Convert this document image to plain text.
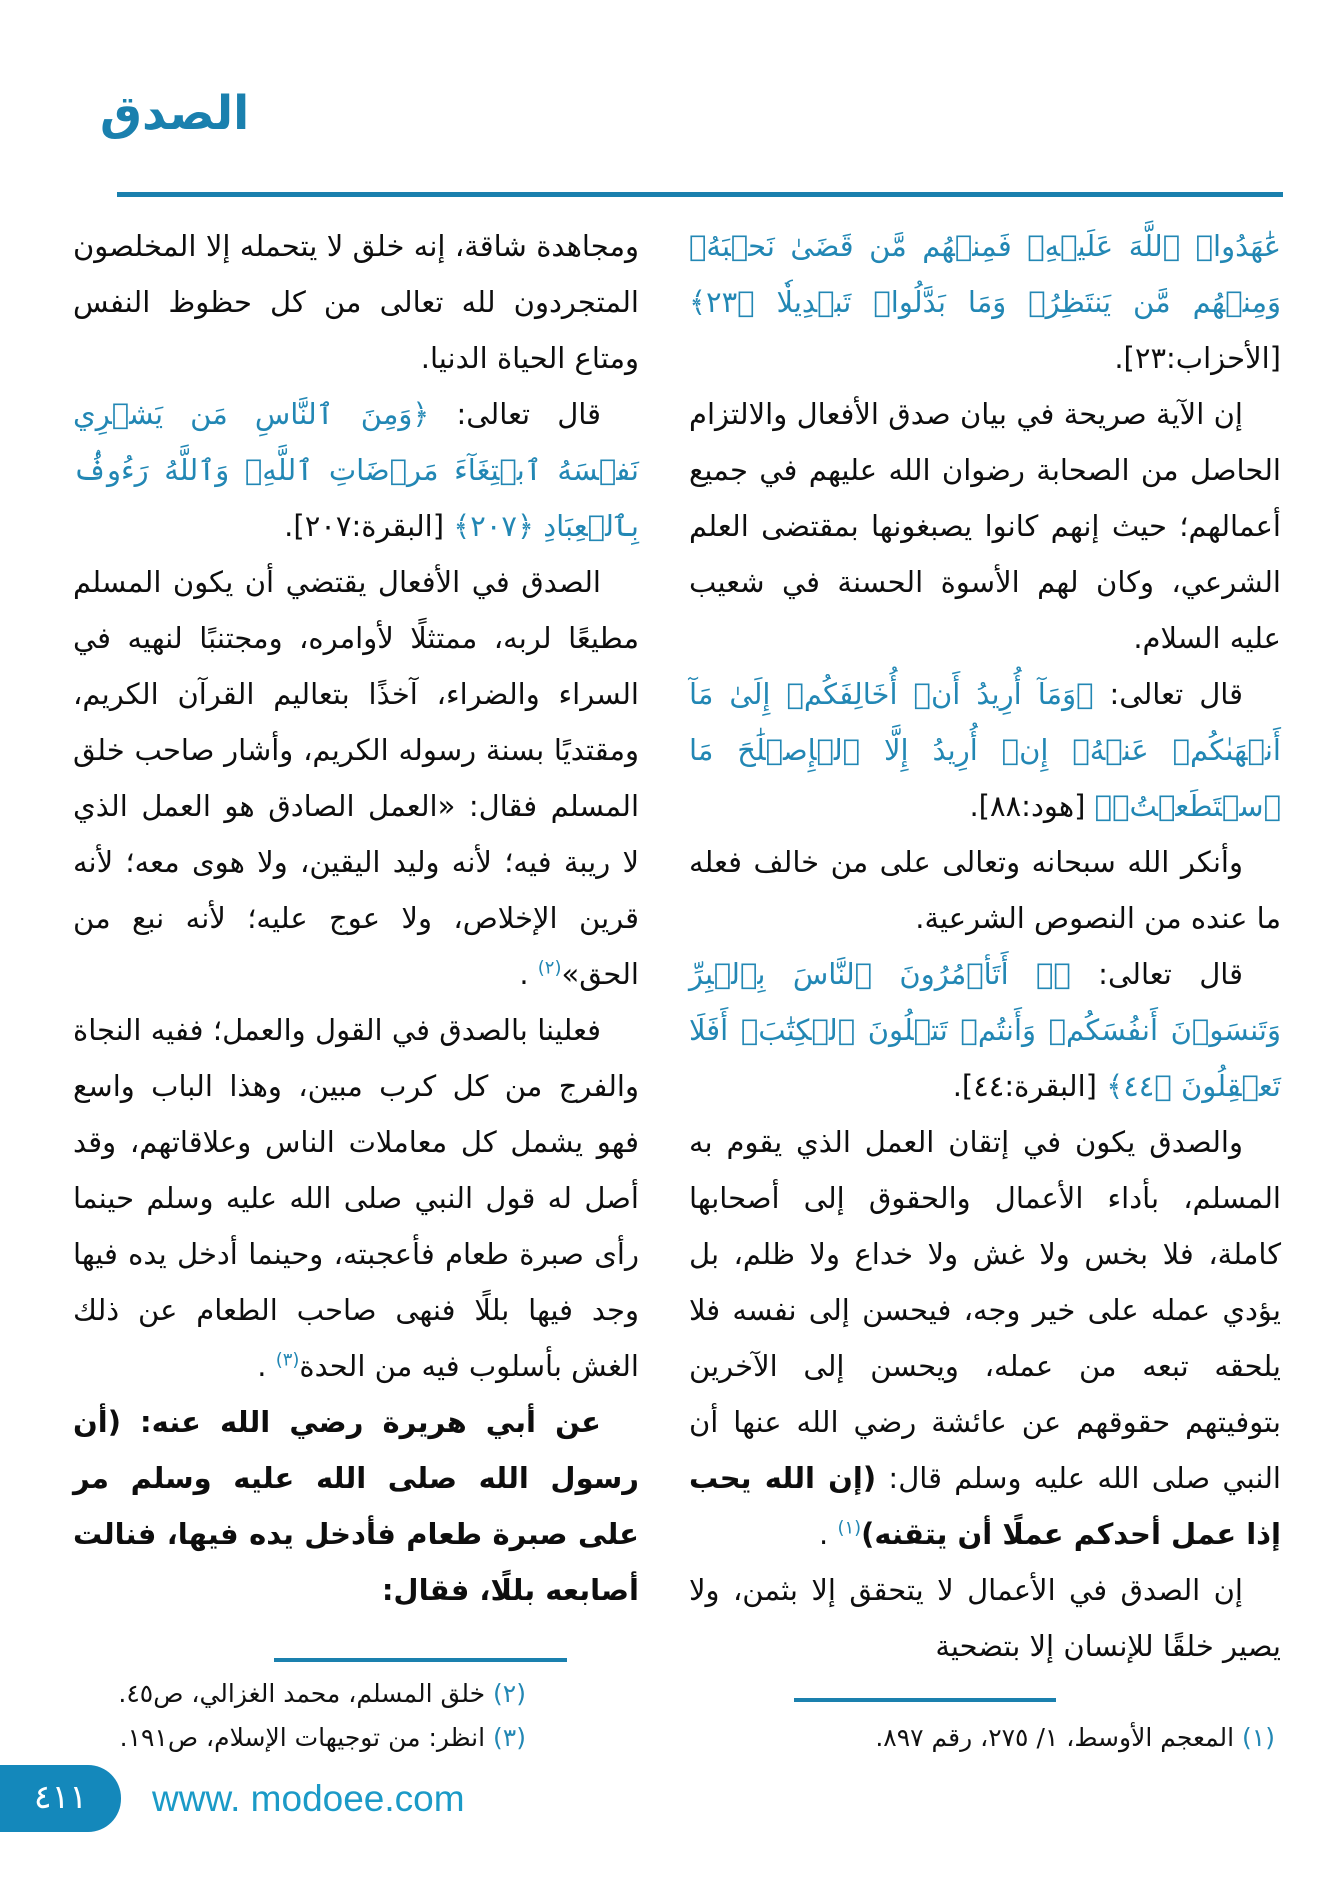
الصدق

عَٰهَدُوا۟ ٱللَّهَ عَلَيۡهِۖ فَمِنۡهُم مَّن قَضَىٰ نَحۡبَهُۥ وَمِنۡهُم مَّن يَنتَظِرُۖ وَمَا بَدَّلُوا۟ تَبۡدِيلٗا ﴿٢٣﴾ [الأحزاب:٢٣].

إن الآية صريحة في بيان صدق الأفعال والالتزام الحاصل من الصحابة رضوان الله عليهم في جميع أعمالهم؛ حيث إنهم كانوا يصبغونها بمقتضى العلم الشرعي، وكان لهم الأسوة الحسنة في شعيب عليه السلام.

قال تعالى: ﴿وَمَآ أُرِيدُ أَنۡ أُخَالِفَكُمۡ إِلَىٰ مَآ أَنۡهَىٰكُمۡ عَنۡهُۚ إِنۡ أُرِيدُ إِلَّا ٱلۡإِصۡلَٰحَ مَا ٱسۡتَطَعۡتُۚ﴾ [هود:٨٨].

وأنكر الله سبحانه وتعالى على من خالف فعله ما عنده من النصوص الشرعية.

قال تعالى: ﴿۞ أَتَأۡمُرُونَ ٱلنَّاسَ بِٱلۡبِرِّ وَتَنسَوۡنَ أَنفُسَكُمۡ وَأَنتُمۡ تَتۡلُونَ ٱلۡكِتَٰبَۚ أَفَلَا تَعۡقِلُونَ ﴿٤٤﴾ [البقرة:٤٤].

والصدق يكون في إتقان العمل الذي يقوم به المسلم، بأداء الأعمال والحقوق إلى أصحابها كاملة، فلا بخس ولا غش ولا خداع ولا ظلم، بل يؤدي عمله على خير وجه، فيحسن إلى نفسه فلا يلحقه تبعه من عمله، ويحسن إلى الآخرين بتوفيتهم حقوقهم عن عائشة رضي الله عنها أن النبي صلى الله عليه وسلم قال: (إن الله يحب إذا عمل أحدكم عملًا أن يتقنه)$^{(١)}$ .

إن الصدق في الأعمال لا يتحقق إلا بثمن، ولا يصير خلقًا للإنسان إلا بتضحية

ومجاهدة شاقة، إنه خلق لا يتحمله إلا المخلصون المتجردون لله تعالى من كل حظوظ النفس ومتاع الحياة الدنيا.

قال تعالى: ﴿وَمِنَ ٱلنَّاسِ مَن يَشۡرِي نَفۡسَهُ ٱبۡتِغَآءَ مَرۡضَاتِ ٱللَّهِۗ وَٱللَّهُ رَءُوفُۢ بِٱلۡعِبَادِ ﴿٢٠٧﴾ [البقرة:٢٠٧].

الصدق في الأفعال يقتضي أن يكون المسلم مطيعًا لربه، ممتثلًا لأوامره، ومجتنبًا لنهيه في السراء والضراء، آخذًا بتعاليم القرآن الكريم، ومقتديًا بسنة رسوله الكريم، وأشار صاحب خلق المسلم فقال: «العمل الصادق هو العمل الذي لا ريبة فيه؛ لأنه وليد اليقين، ولا هوى معه؛ لأنه قرين الإخلاص، ولا عوج عليه؛ لأنه نبع من الحق»$^{(٢)}$ .

فعلينا بالصدق في القول والعمل؛ ففيه النجاة والفرج من كل كرب مبين، وهذا الباب واسع فهو يشمل كل معاملات الناس وعلاقاتهم، وقد أصل له قول النبي صلى الله عليه وسلم حينما رأى صبرة طعام فأعجبته، وحينما أدخل يده فيها وجد فيها بللًا فنهى صاحب الطعام عن ذلك الغش بأسلوب فيه من الحدة$^{(٣)}$ .

عن أبي هريرة رضي الله عنه: (أن رسول الله صلى الله عليه وسلم مر على صبرة طعام فأدخل يده فيها، فنالت أصابعه بللًا، فقال:

(١) المعجم الأوسط، ١/ ٢٧٥، رقم ٨٩٧.
(٢) خلق المسلم، محمد الغزالي، ص٤٥.
(٣) انظر: من توجيهات الإسلام، ص١٩١.
٤١١ www. modoee.com
